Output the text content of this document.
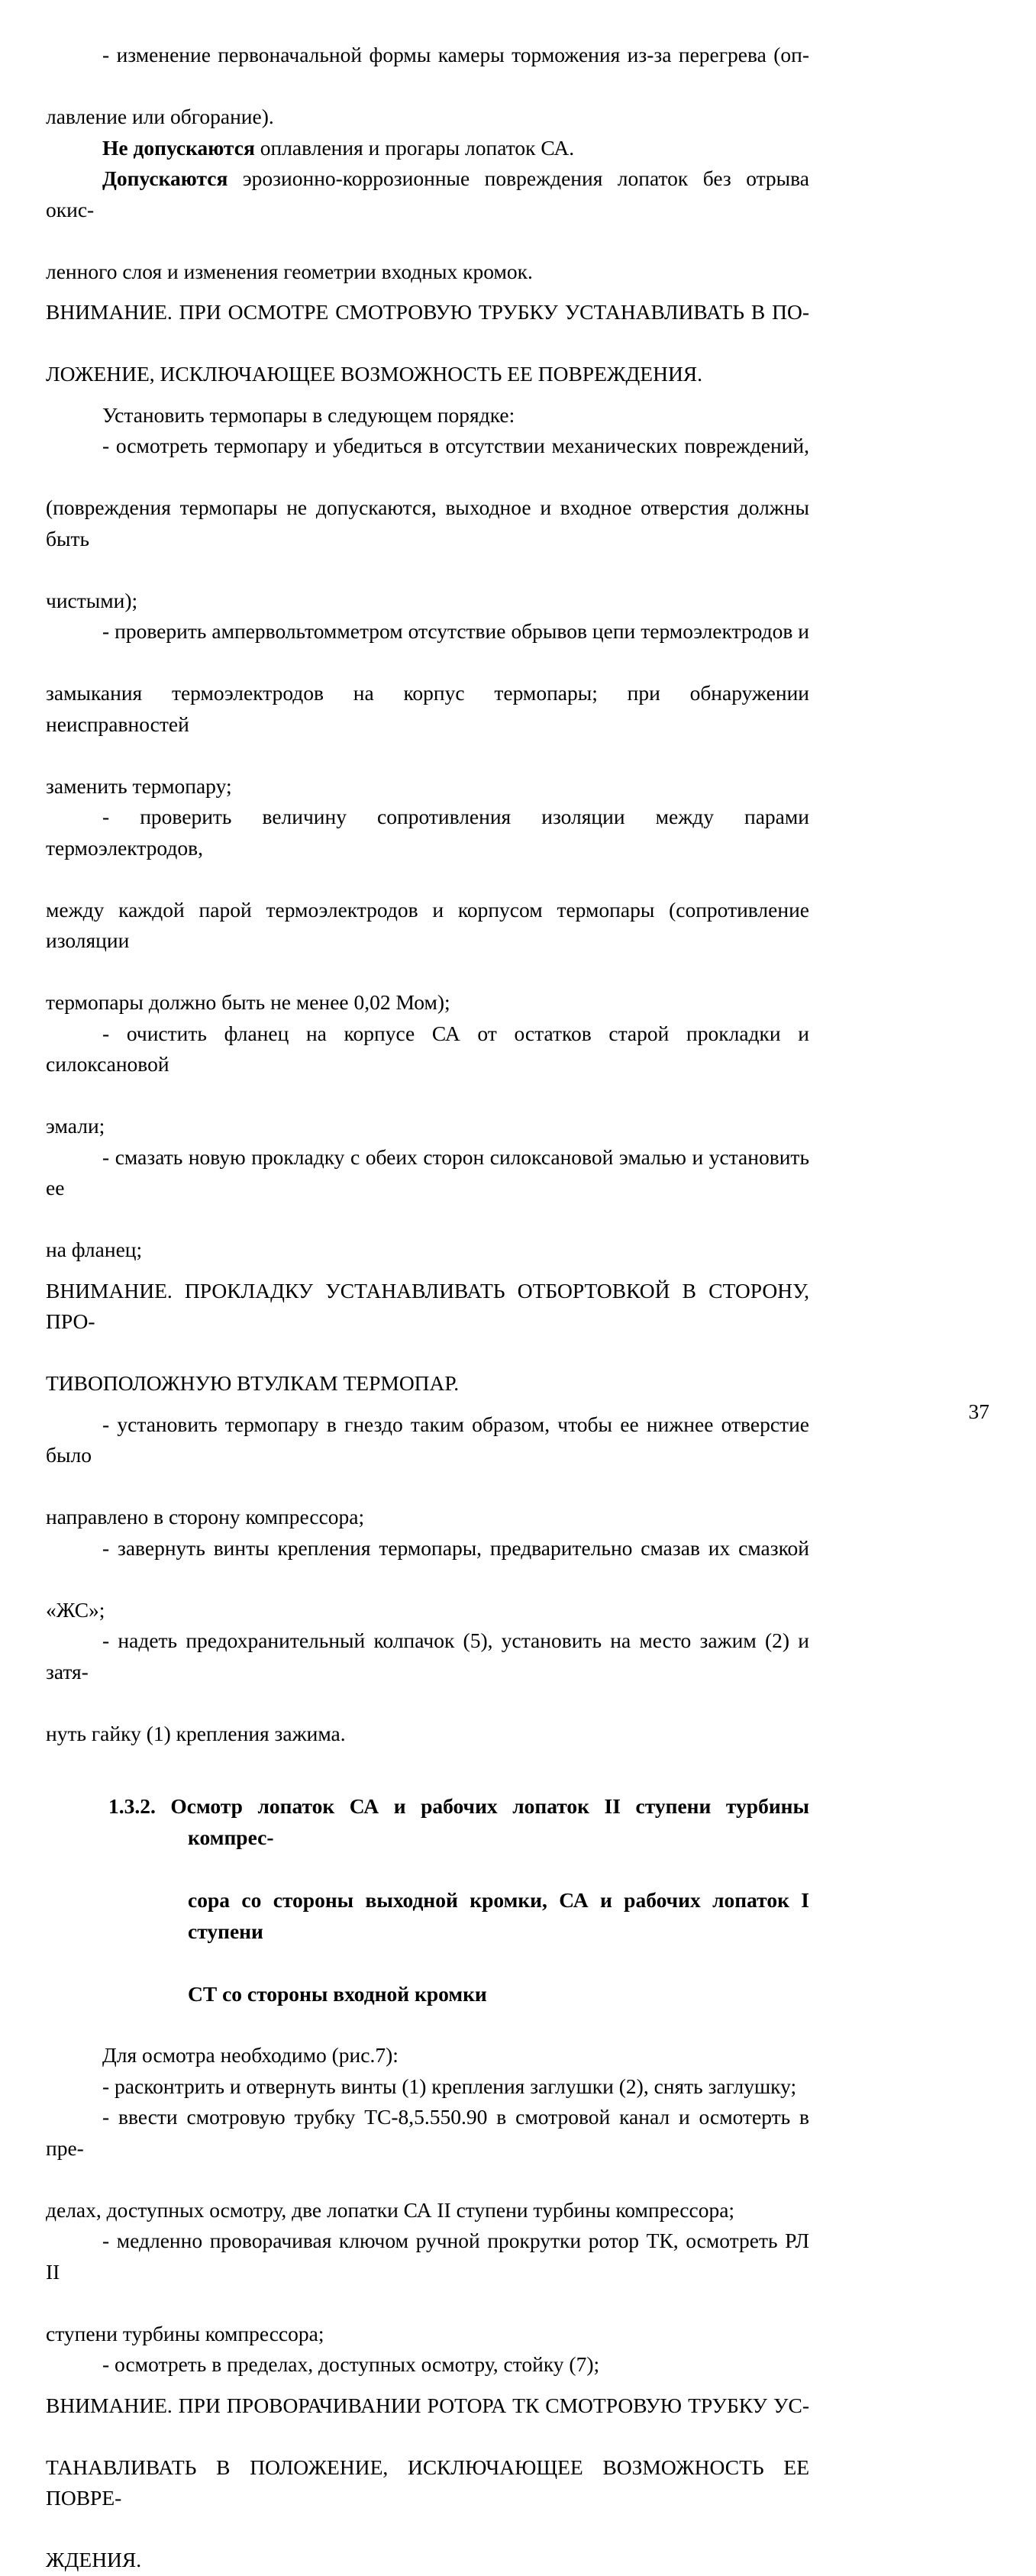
- изменение первоначальной формы камеры торможения из-за перегрева (оп-лавление или обгорание).

Не допускаются оплавления и прогары лопаток СА.

Допускаются эрозионно-коррозионные повреждения лопаток без отрыва окис-ленного слоя и изменения геометрии входных кромок.

ВНИМАНИЕ. ПРИ ОСМОТРЕ СМОТРОВУЮ ТРУБКУ УСТАНАВЛИВАТЬ В ПО-ЛОЖЕНИЕ, ИСКЛЮЧАЮЩЕЕ ВОЗМОЖНОСТЬ ЕЕ ПОВРЕЖДЕНИЯ.

Установить термопары в следующем порядке:

- осмотреть термопару и убедиться в отсутствии механических повреждений,(повреждения термопары не допускаются, выходное и входное отверстия должны бытьчистыми);

- проверить ампервольтомметром отсутствие обрывов цепи термоэлектродов изамыкания термоэлектродов на корпус термопары; при обнаружении неисправностейзаменить термопару;

- проверить величину сопротивления изоляции между парами термоэлектродов,между каждой парой термоэлектродов и корпусом термопары (сопротивление изоляциитермопары должно быть не менее 0,02 Мом);

- очистить фланец на корпусе СА от остатков старой прокладки и силоксановойэмали;

- смазать новую прокладку с обеих сторон силоксановой эмалью и установить еена фланец;

ВНИМАНИЕ. ПРОКЛАДКУ УСТАНАВЛИВАТЬ ОТБОРТОВКОЙ В СТОРОНУ, ПРО-ТИВОПОЛОЖНУЮ ВТУЛКАМ ТЕРМОПАР.

- установить термопару в гнездо таким образом, чтобы ее нижнее отверстие былонаправлено в сторону компрессора;

- завернуть винты крепления термопары, предварительно смазав их смазкой«ЖС»;

- надеть предохранительный колпачок (5), установить на место зажим (2) и затя-нуть гайку (1) крепления зажима.

1.3.2. Осмотр лопаток СА и рабочих лопаток II ступени турбины компрес-
сора со стороны выходной кромки, СА и рабочих лопаток I ступени
СТ со стороны входной кромки

Для осмотра необходимо (рис.7):

- расконтрить и отвернуть винты (1) крепления заглушки (2), снять заглушку;

- ввести смотровую трубку ТС-8,5.550.90 в смотровой канал и осмотерть в пре-делах, доступных осмотру, две лопатки СА II ступени турбины компрессора;

- медленно проворачивая ключом ручной прокрутки ротор ТК, осмотреть РЛ IIступени турбины компрессора;

- осмотреть в пределах, доступных осмотру, стойку (7);

ВНИМАНИЕ. ПРИ ПРОВОРАЧИВАНИИ РОТОРА ТК СМОТРОВУЮ ТРУБКУ УС-ТАНАВЛИВАТЬ В ПОЛОЖЕНИЕ, ИСКЛЮЧАЮЩЕЕ ВОЗМОЖНОСТЬ ЕЕ ПОВРЕ-ЖДЕНИЯ.

37
